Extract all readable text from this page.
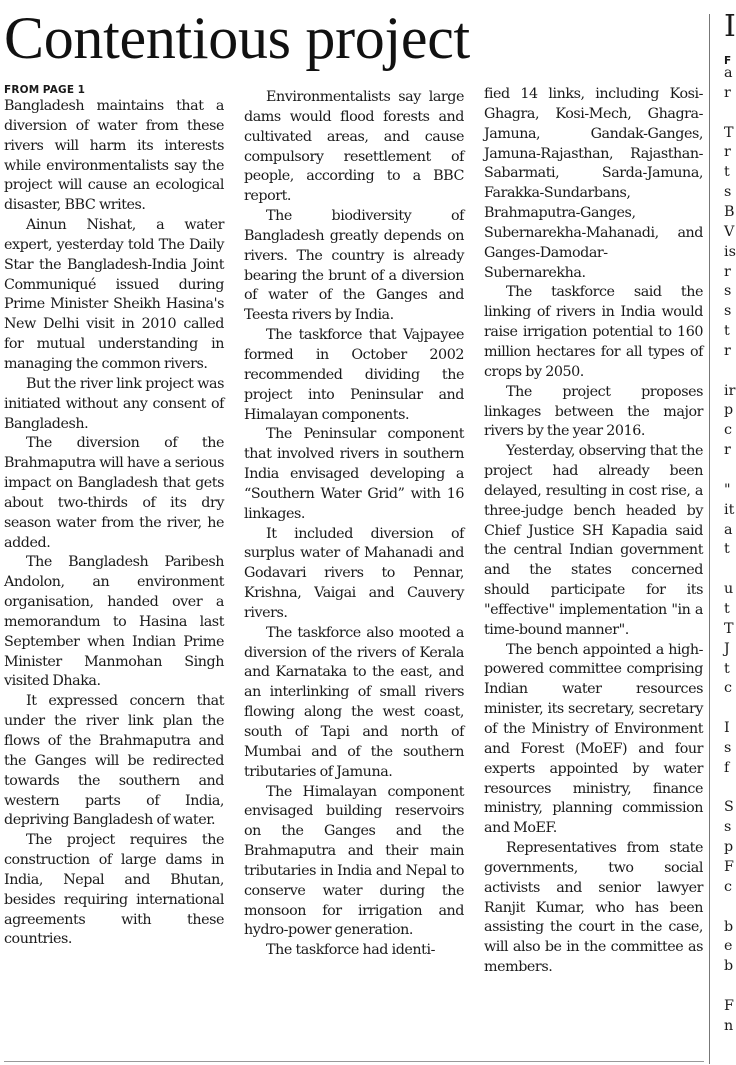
Contentious project
FROM PAGE 1

Bangladesh maintains that a diversion of water from these rivers will harm its interests while environmentalists say the project will cause an ecological disaster, BBC writes.

Ainun Nishat, a water expert, yesterday told The Daily Star the Bangladesh-India Joint Communiqué issued during Prime Minister Sheikh Hasina's New Delhi visit in 2010 called for mutual understanding in managing the common rivers.

But the river link project was initiated without any consent of Bangladesh.

The diversion of the Brahmaputra will have a serious impact on Bangladesh that gets about two-thirds of its dry season water from the river, he added.

The Bangladesh Paribesh Andolon, an environment organisation, handed over a memorandum to Hasina last September when Indian Prime Minister Manmohan Singh visited Dhaka.

It expressed concern that under the river link plan the flows of the Brahmaputra and the Ganges will be redirected towards the southern and western parts of India, depriving Bangladesh of water.

The project requires the construction of large dams in India, Nepal and Bhutan, besides requiring international agreements with these countries.

Environmentalists say large dams would flood forests and cultivated areas, and cause compulsory resettlement of people, according to a BBC report.

The biodiversity of Bangladesh greatly depends on rivers. The country is already bearing the brunt of a diversion of water of the Ganges and Teesta rivers by India.

The taskforce that Vajpayee formed in October 2002 recommended dividing the project into Peninsular and Himalayan components.

The Peninsular component that involved rivers in southern India envisaged developing a “Southern Water Grid” with 16 linkages.

It included diversion of surplus water of Mahanadi and Godavari rivers to Pennar, Krishna, Vaigai and Cauvery rivers.

The taskforce also mooted a diversion of the rivers of Kerala and Karnataka to the east, and an interlinking of small rivers flowing along the west coast, south of Tapi and north of Mumbai and of the southern tributaries of Jamuna.

The Himalayan component envisaged building reservoirs on the Ganges and the Brahmaputra and their main tributaries in India and Nepal to conserve water during the monsoon for irrigation and hydro-power generation.

The taskforce had identi-

fied 14 links, including Kosi-Ghagra, Kosi-Mech, Ghagra-Jamuna, Gandak-Ganges, Jamuna-Rajasthan, Rajasthan-Sabarmati, Sarda-Jamuna, Farakka-Sundarbans, Brahmaputra-Ganges, Subernarekha-Mahanadi, and Ganges-Damodar-Subernarekha.

The taskforce said the linking of rivers in India would raise irrigation potential to 160 million hectares for all types of crops by 2050.

The project proposes linkages between the major rivers by the year 2016.

Yesterday, observing that the project had already been delayed, resulting in cost rise, a three-judge bench headed by Chief Justice SH Kapadia said the central Indian government and the states concerned should participate for its "effective" implementation "in a time-bound manner".

The bench appointed a high-powered committee comprising Indian water resources minister, its secretary, secretary of the Ministry of Environment and Forest (MoEF) and four experts appointed by water resources ministry, finance ministry, planning commission and MoEF.

Representatives from state governments, two social activists and senior lawyer Ranjit Kumar, who has been assisting the court in the case, will also be in the committee as members.

I
F
a
r
T
r
t
s
B
V
is
r
s
s
t
r
ir
p
c
r
"
it
a
t
u
t
T
J
t
c
I
s
f
S
s
p
F
c
b
e
b
F
n
